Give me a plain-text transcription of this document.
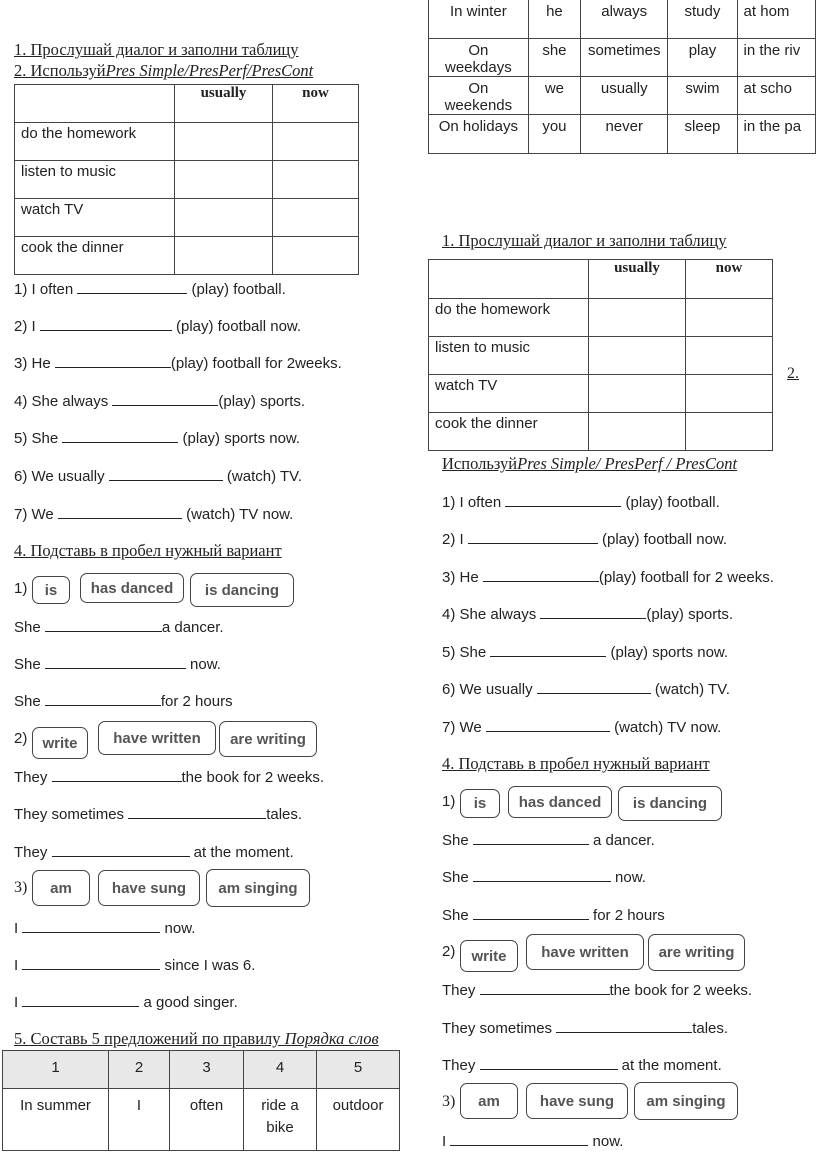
In winter	he	always	study	at hom
On weekdays	she	sometimes	play	in the riv
On weekends	we	usually	swim	at scho
On holidays	you	never	sleep	in the pa
1. Прослушай диалог и заполни таблицу
2. ИспользуйPres Simple/PresPerf/PresCont
	usually	now
do the homework		
listen to music		
watch TV		
cook the dinner		
1) I often	(play) football.
2) I	(play) football now.
3) He	(play) football for 2weeks.
4) She always	(play) sports.
5) She	(play) sports now.
6) We usually	(watch) TV.
7) We	(watch) TV now.
4. Подставь в пробел нужный вариант
1)	is	has danced	is dancing
She	a dancer.
She	now.
She	for 2 hours
2)	write	have written	are writing
They	the book for 2 weeks.
They sometimes	tales.
They	at the moment.
3)	am	have sung	am singing
I	now.
I	since I was 6.
I	a good singer.
5. Составь 5 предложений по правилу Порядка слов
1	2	3	4	5
In summer	I	often	ride a bike	outdoor
1. Прослушай диалог и заполни таблицу
	usually	now
do the homework		
listen to music		
watch TV		
cook the dinner		
2.
ИспользуйPres Simple/ PresPerf / PresCont
1) I often	(play) football.
2) I	(play) football now.
3) He	(play) football for 2 weeks.
4) She always	(play) sports.
5) She	(play) sports now.
6) We usually	(watch) TV.
7) We	(watch) TV now.
4. Подставь в пробел нужный вариант
1)	is	has danced	is dancing
She	a dancer.
She	now.
She	for 2 hours
2)	write	have written	are writing
They	the book for 2 weeks.
They sometimes	tales.
They	at the moment.
3)	am	have sung	am singing
I	now.
